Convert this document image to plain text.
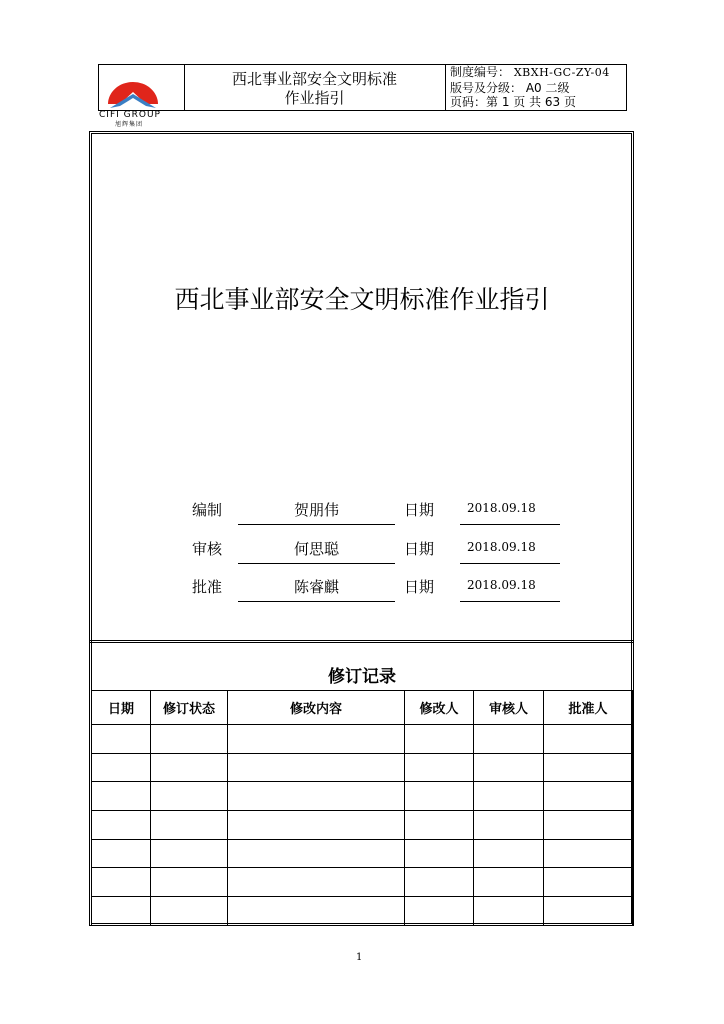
CIFI GROUP
旭辉集团
西北事业部安全文明标准
作业指引
制度编号： XBXH-GC-ZY-04
版号及分级： A0 二级
页码：第 1 页 共 63 页
西北事业部安全文明标准作业指引
编制	贺朋伟	日期	2018.09.18
审核	何思聪	日期	2018.09.18
批准	陈睿麒	日期	2018.09.18
修订记录
日期	修订状态	修改内容	修改人	审核人	批准人

1
